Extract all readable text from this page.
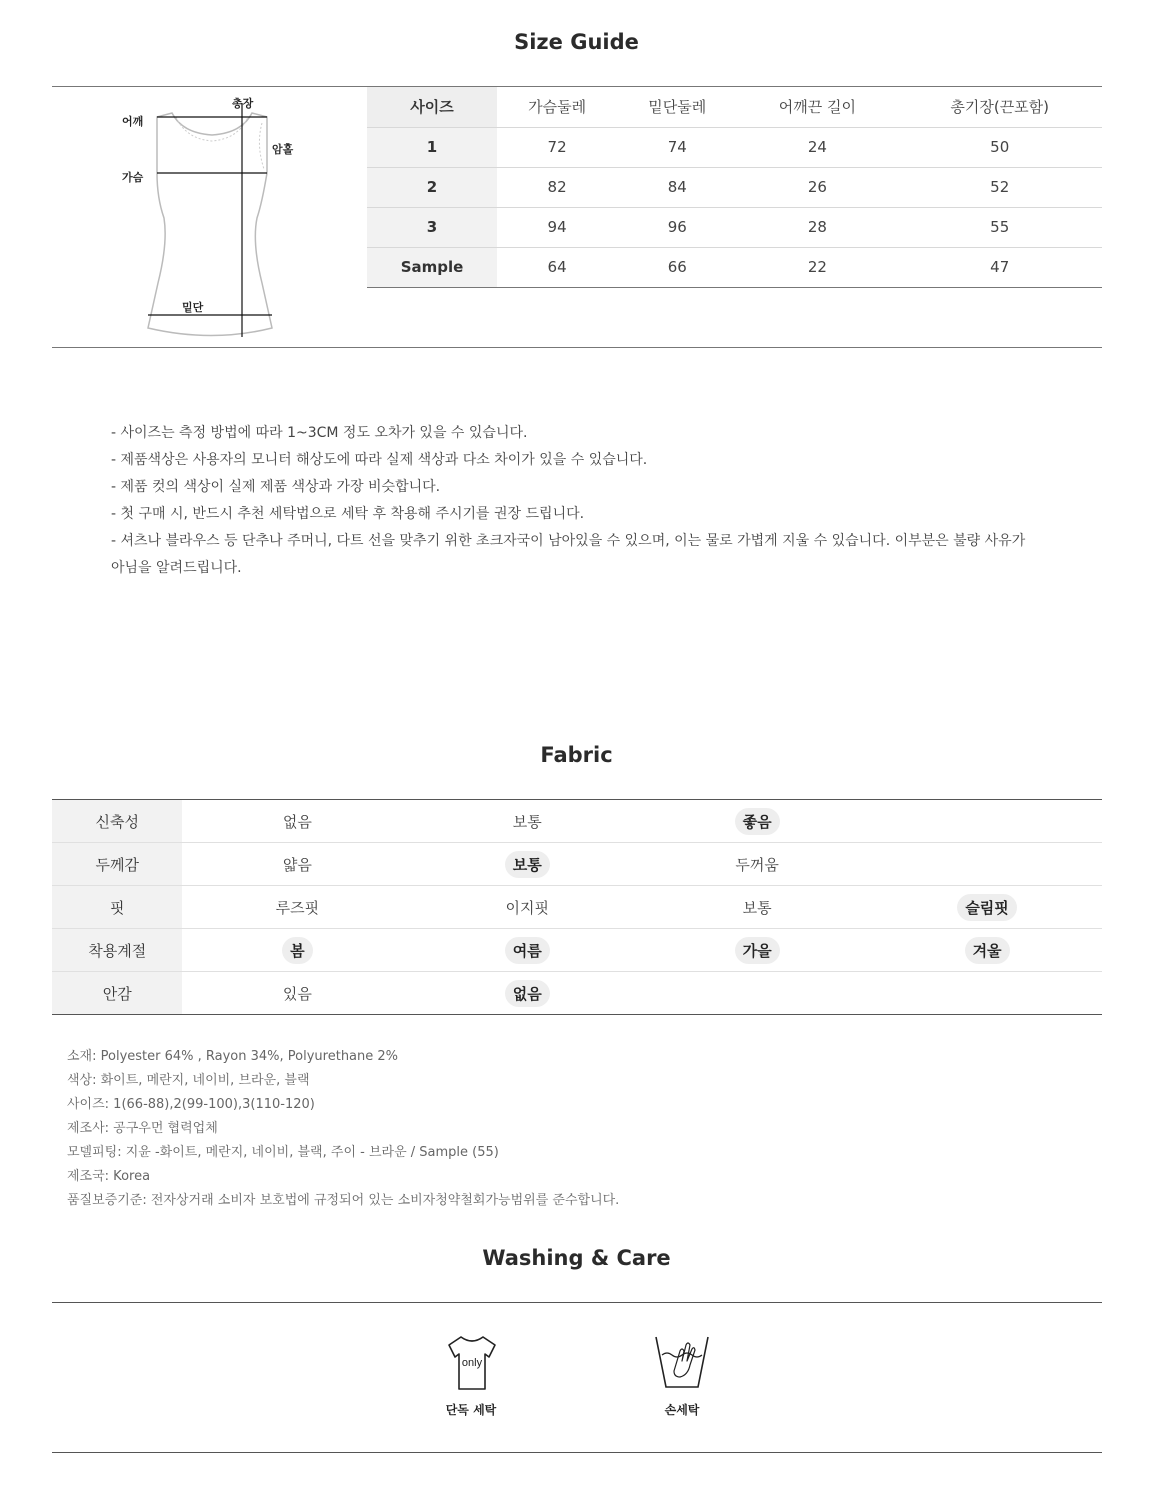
Size Guide
총장
어깨
암홀
가슴
밑단
사이즈	가슴둘레	밑단둘레	어깨끈 길이	총기장(끈포함)
1	72	74	24	50
2	82	84	26	52
3	94	96	28	55
Sample	64	66	22	47
- 사이즈는 측정 방법에 따라 1~3CM 정도 오차가 있을 수 있습니다.
- 제품색상은 사용자의 모니터 해상도에 따라 실제 색상과 다소 차이가 있을 수 있습니다.
- 제품 컷의 색상이 실제 제품 색상과 가장 비슷합니다.
- 첫 구매 시, 반드시 추천 세탁법으로 세탁 후 착용해 주시기를 권장 드립니다.
- 셔츠나 블라우스 등 단추나 주머니, 다트 선을 맞추기 위한 초크자국이 남아있을 수 있으며, 이는 물로 가볍게 지울 수 있습니다. 이부분은 불량 사유가
아님을 알려드립니다.
Fabric
신축성	없음	보통	좋음	
두께감	얇음	보통	두꺼움	
핏	루즈핏	이지핏	보통	슬림핏
착용계절	봄	여름	가을	겨울
안감	있음	없음		
소재: Polyester 64% , Rayon 34%, Polyurethane 2%
색상: 화이트, 메란지, 네이비, 브라운, 블랙
사이즈: 1(66-88),2(99-100),3(110-120)
제조사: 공구우먼 협력업체
모델피팅: 지윤 -화이트, 메란지, 네이비, 블랙, 주이 - 브라운 / Sample (55)
제조국: Korea
품질보증기준: 전자상거래 소비자 보호법에 규정되어 있는 소비자청약철회가능범위를 준수합니다.
Washing & Care
only
단독 세탁	손세탁
